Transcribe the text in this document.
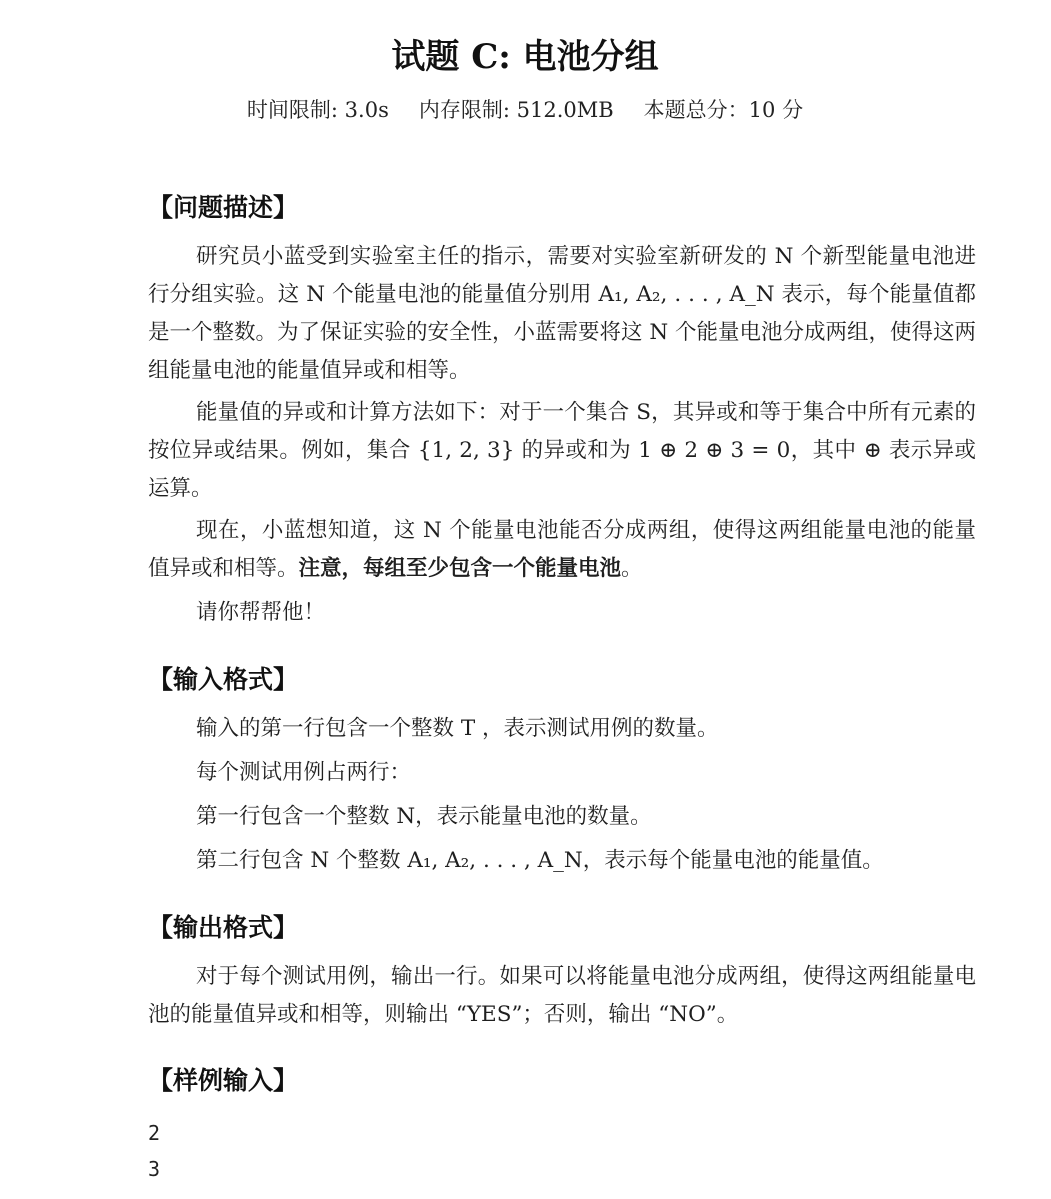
试题 C: 电池分组
时间限制: 3.0s 内存限制: 512.0MB 本题总分：10 分
【问题描述】
研究员小蓝受到实验室主任的指示，需要对实验室新研发的 N 个新型能量电池进行分组实验。这 N 个能量电池的能量值分别用 A₁, A₂, . . . , A_N 表示，每个能量值都是一个整数。为了保证实验的安全性，小蓝需要将这 N 个能量电池分成两组，使得这两组能量电池的能量值异或和相等。
能量值的异或和计算方法如下：对于一个集合 S，其异或和等于集合中所有元素的按位异或结果。例如，集合 {1, 2, 3} 的异或和为 1 ⊕ 2 ⊕ 3 = 0，其中 ⊕ 表示异或运算。
现在，小蓝想知道，这 N 个能量电池能否分成两组，使得这两组能量电池的能量值异或和相等。注意，每组至少包含一个能量电池。
请你帮帮他！
【输入格式】
输入的第一行包含一个整数 T ，表示测试用例的数量。
每个测试用例占两行：
第一行包含一个整数 N，表示能量电池的数量。
第二行包含 N 个整数 A₁, A₂, . . . , A_N，表示每个能量电池的能量值。
【输出格式】
对于每个测试用例，输出一行。如果可以将能量电池分成两组，使得这两组能量电池的能量值异或和相等，则输出 “YES”；否则，输出 “NO”。
【样例输入】
2
3
